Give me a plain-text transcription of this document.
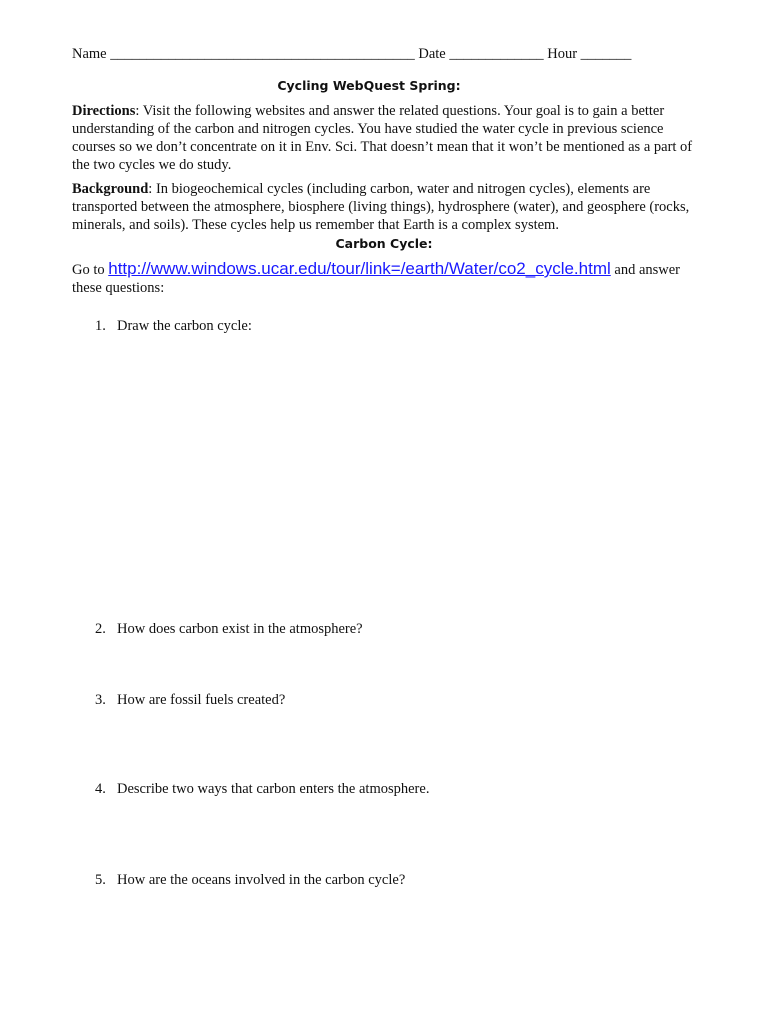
Name __________________________________________ Date _____________ Hour _______
Cycling WebQuest Spring:
Directions: Visit the following websites and answer the related questions. Your goal is to gain a better understanding of the carbon and nitrogen cycles. You have studied the water cycle in previous science courses so we don’t concentrate on it in Env. Sci. That doesn’t mean that it won’t be mentioned as a part of the two cycles we do study.
Background: In biogeochemical cycles (including carbon, water and nitrogen cycles), elements are transported between the atmosphere, biosphere (living things), hydrosphere (water), and geosphere (rocks, minerals, and soils). These cycles help us remember that Earth is a complex system.
Carbon Cycle:
Go to http://www.windows.ucar.edu/tour/link=/earth/Water/co2_cycle.html and answer these questions:
1. Draw the carbon cycle:
2. How does carbon exist in the atmosphere?
3. How are fossil fuels created?
4. Describe two ways that carbon enters the atmosphere.
5. How are the oceans involved in the carbon cycle?
